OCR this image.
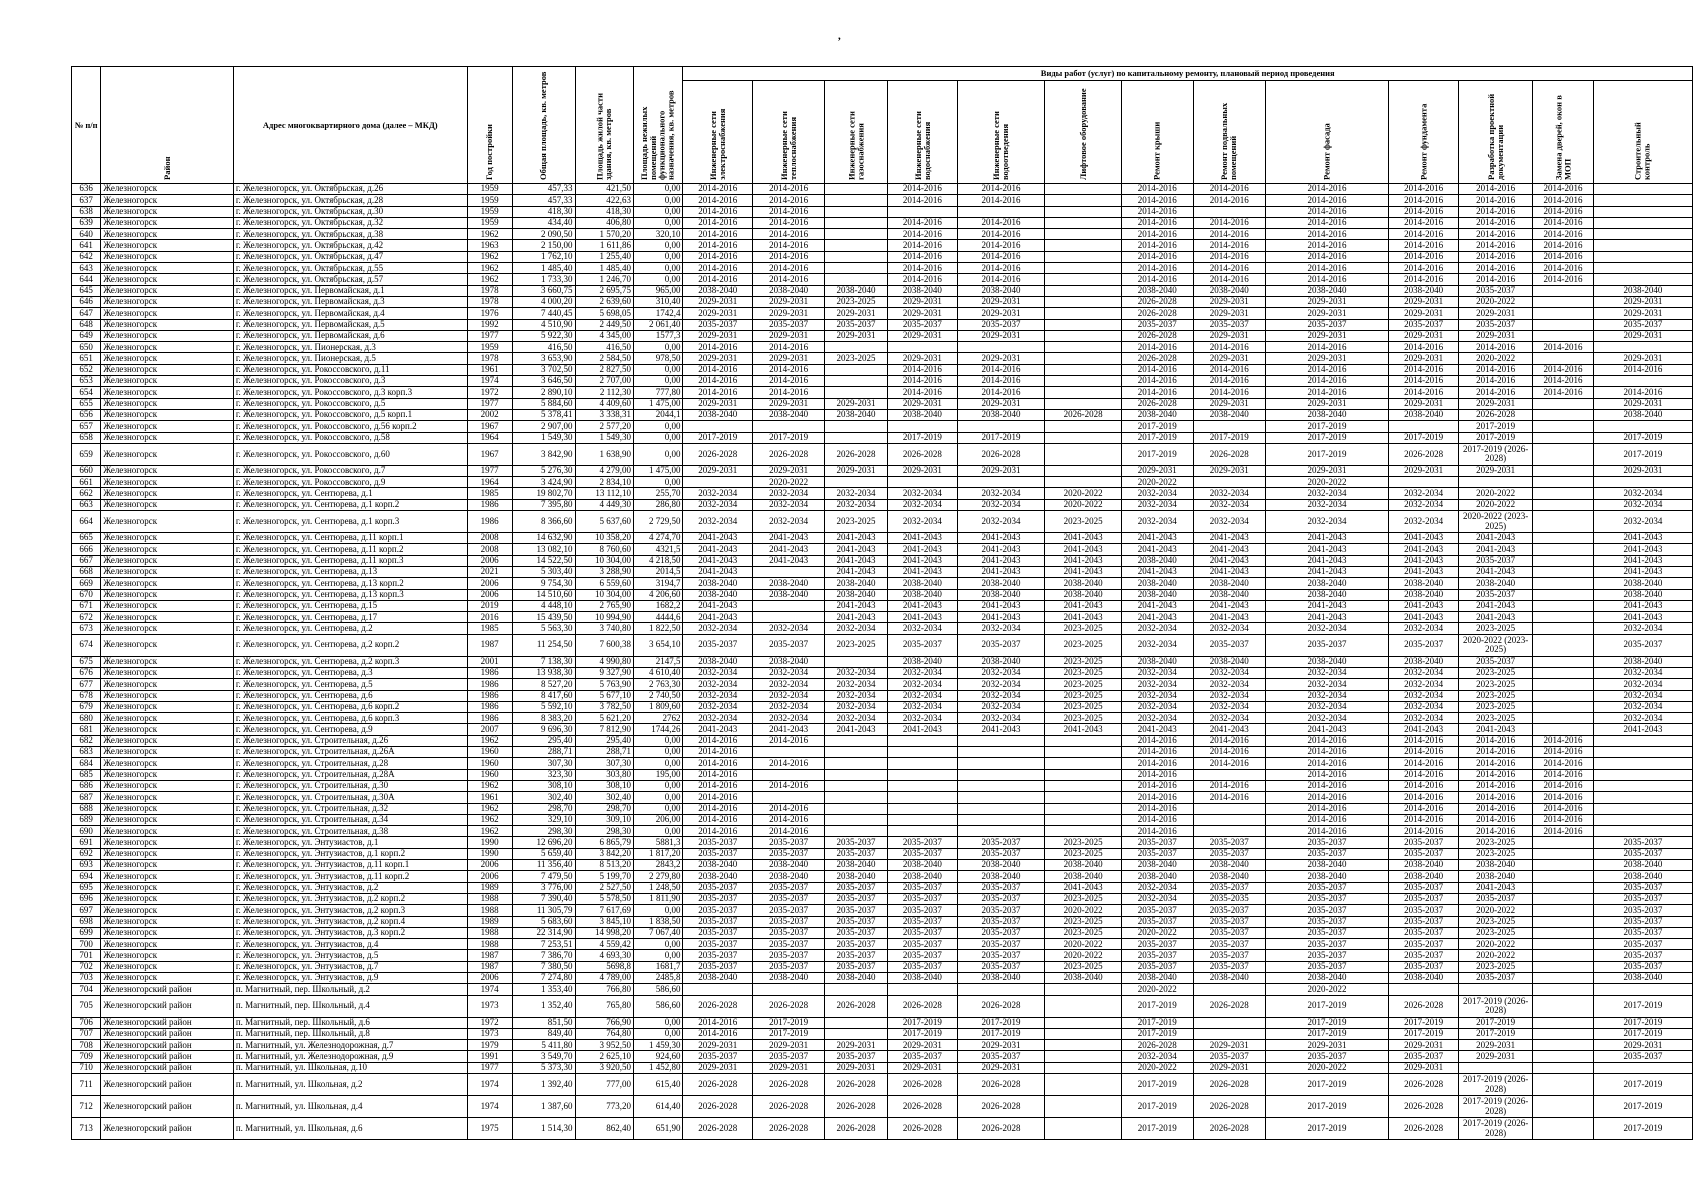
,
№ п/п	Район	Адрес многоквартирного дома (далее – МКД)	Год постройки	Общая площадь, кв. метров	Площадь жилой части здания, кв. метров	Площадь нежилых помещений функционального назначения, кв. метров	Виды работ (услуг) по капитальному ремонту, плановый период проведения												
							Инженерные сети электроснабжения	Инженерные сети теплоснабжения	Инженерные сети газоснабжения	Инженерные сети водоснабжения	Инженерные сети водоотведения	Лифтовое оборудование	Ремонт крыши	Ремонт подвальных помещений	Ремонт фасада	Ремонт фундамента	Разработка проектной документации	Замена дверей, окон в МОП	Строительный контроль
636	Железногорск	г. Железногорск, ул. Октябрьская, д.26	1959	457,33	421,50	0,00	2014-2016	2014-2016		2014-2016	2014-2016		2014-2016	2014-2016	2014-2016	2014-2016	2014-2016	2014-2016	
637	Железногорск	г. Железногорск, ул. Октябрьская, д.28	1959	457,33	422,63	0,00	2014-2016	2014-2016		2014-2016	2014-2016		2014-2016	2014-2016	2014-2016	2014-2016	2014-2016	2014-2016	
638	Железногорск	г. Железногорск, ул. Октябрьская, д.30	1959	418,30	418,30	0,00	2014-2016	2014-2016					2014-2016		2014-2016	2014-2016	2014-2016	2014-2016	
639	Железногорск	г. Железногорск, ул. Октябрьская, д.32	1959	434,40	406,80	0,00	2014-2016	2014-2016		2014-2016	2014-2016		2014-2016	2014-2016	2014-2016	2014-2016	2014-2016	2014-2016	
640	Железногорск	г. Железногорск, ул. Октябрьская, д.38	1962	2 090,50	1 570,20	320,10	2014-2016	2014-2016		2014-2016	2014-2016		2014-2016	2014-2016	2014-2016	2014-2016	2014-2016	2014-2016	
641	Железногорск	г. Железногорск, ул. Октябрьская, д.42	1963	2 150,00	1 611,86	0,00	2014-2016	2014-2016		2014-2016	2014-2016		2014-2016	2014-2016	2014-2016	2014-2016	2014-2016	2014-2016	
642	Железногорск	г. Железногорск, ул. Октябрьская, д.47	1962	1 762,10	1 255,40	0,00	2014-2016	2014-2016		2014-2016	2014-2016		2014-2016	2014-2016	2014-2016	2014-2016	2014-2016	2014-2016	
643	Железногорск	г. Железногорск, ул. Октябрьская, д.55	1962	1 485,40	1 485,40	0,00	2014-2016	2014-2016		2014-2016	2014-2016		2014-2016	2014-2016	2014-2016	2014-2016	2014-2016	2014-2016	
644	Железногорск	г. Железногорск, ул. Октябрьская, д.57	1962	1 733,30	1 246,70	0,00	2014-2016	2014-2016		2014-2016	2014-2016		2014-2016	2014-2016	2014-2016	2014-2016	2014-2016	2014-2016	
645	Железногорск	г. Железногорск, ул. Первомайская, д.1	1978	3 660,75	2 695,75	965,00	2038-2040	2038-2040	2038-2040	2038-2040	2038-2040		2038-2040	2038-2040	2038-2040	2038-2040	2035-2037		2038-2040
646	Железногорск	г. Железногорск, ул. Первомайская, д.3	1978	4 000,20	2 639,60	310,40	2029-2031	2029-2031	2023-2025	2029-2031	2029-2031		2026-2028	2029-2031	2029-2031	2029-2031	2020-2022		2029-2031
647	Железногорск	г. Железногорск, ул. Первомайская, д.4	1976	7 440,45	5 698,05	1742,4	2029-2031	2029-2031	2029-2031	2029-2031	2029-2031		2026-2028	2029-2031	2029-2031	2029-2031	2029-2031		2029-2031
648	Железногорск	г. Железногорск, ул. Первомайская, д.5	1992	4 510,90	2 449,50	2 061,40	2035-2037	2035-2037	2035-2037	2035-2037	2035-2037		2035-2037	2035-2037	2035-2037	2035-2037	2035-2037		2035-2037
649	Железногорск	г. Железногорск, ул. Первомайская, д.6	1977	5 922,30	4 345,00	1577,3	2029-2031	2029-2031	2029-2031	2029-2031	2029-2031		2026-2028	2029-2031	2029-2031	2029-2031	2029-2031		2029-2031
650	Железногорск	г. Железногорск, ул. Пионерская, д.3	1959	416,50	416,50	0,00	2014-2016	2014-2016					2014-2016	2014-2016	2014-2016	2014-2016	2014-2016	2014-2016	
651	Железногорск	г. Железногорск, ул. Пионерская, д.5	1978	3 653,90	2 584,50	978,50	2029-2031	2029-2031	2023-2025	2029-2031	2029-2031		2026-2028	2029-2031	2029-2031	2029-2031	2020-2022		2029-2031
652	Железногорск	г. Железногорск, ул. Рокоссовского, д.11	1961	3 702,50	2 827,50	0,00	2014-2016	2014-2016		2014-2016	2014-2016		2014-2016	2014-2016	2014-2016	2014-2016	2014-2016	2014-2016	2014-2016
653	Железногорск	г. Железногорск, ул. Рокоссовского, д.3	1974	3 646,50	2 707,00	0,00	2014-2016	2014-2016		2014-2016	2014-2016		2014-2016	2014-2016	2014-2016	2014-2016	2014-2016	2014-2016	
654	Железногорск	г. Железногорск, ул. Рокоссовского, д.3 корп.3	1972	2 890,10	2 112,30	777,80	2014-2016	2014-2016		2014-2016	2014-2016		2014-2016	2014-2016	2014-2016	2014-2016	2014-2016	2014-2016	2014-2016
655	Железногорск	г. Железногорск, ул. Рокоссовского, д.5	1977	5 884,60	4 409,60	1 475,00	2029-2031	2029-2031	2029-2031	2029-2031	2029-2031		2026-2028	2029-2031	2029-2031	2029-2031	2029-2031		2029-2031
656	Железногорск	г. Железногорск, ул. Рокоссовского, д.5 корп.1	2002	5 378,41	3 338,31	2044,1	2038-2040	2038-2040	2038-2040	2038-2040	2038-2040	2026-2028	2038-2040	2038-2040	2038-2040	2038-2040	2026-2028		2038-2040
657	Железногорск	г. Железногорск, ул. Рокоссовского, д.56 корп.2	1967	2 907,00	2 577,20	0,00							2017-2019		2017-2019		2017-2019		
658	Железногорск	г. Железногорск, ул. Рокоссовского, д.58	1964	1 549,30	1 549,30	0,00	2017-2019	2017-2019		2017-2019	2017-2019		2017-2019	2017-2019	2017-2019	2017-2019	2017-2019		2017-2019
659	Железногорск	г. Железногорск, ул. Рокоссовского, д.60	1967	3 842,90	1 638,90	0,00	2026-2028	2026-2028	2026-2028	2026-2028	2026-2028		2017-2019	2026-2028	2017-2019	2026-2028	2017-2019 (2026-2028)		2017-2019
660	Железногорск	г. Железногорск, ул. Рокоссовского, д.7	1977	5 276,30	4 279,00	1 475,00	2029-2031	2029-2031	2029-2031	2029-2031	2029-2031		2029-2031	2029-2031	2029-2031	2029-2031	2029-2031		2029-2031
661	Железногорск	г. Железногорск, ул. Рокоссовского, д.9	1964	3 424,90	2 834,10	0,00		2020-2022					2020-2022		2020-2022				
662	Железногорск	г. Железногорск, ул. Сентюрева, д.1	1985	19 802,70	13 112,10	255,70	2032-2034	2032-2034	2032-2034	2032-2034	2032-2034	2020-2022	2032-2034	2032-2034	2032-2034	2032-2034	2020-2022		2032-2034
663	Железногорск	г. Железногорск, ул. Сентюрева, д.1 корп.2	1986	7 395,80	4 449,30	286,80	2032-2034	2032-2034	2032-2034	2032-2034	2032-2034	2020-2022	2032-2034	2032-2034	2032-2034	2032-2034	2020-2022		2032-2034
664	Железногорск	г. Железногорск, ул. Сентюрева, д.1 корп.3	1986	8 366,60	5 637,60	2 729,50	2032-2034	2032-2034	2023-2025	2032-2034	2032-2034	2023-2025	2032-2034	2032-2034	2032-2034	2032-2034	2020-2022 (2023-2025)		2032-2034
665	Железногорск	г. Железногорск, ул. Сентюрева, д.11 корп.1	2008	14 632,90	10 358,20	4 274,70	2041-2043	2041-2043	2041-2043	2041-2043	2041-2043	2041-2043	2041-2043	2041-2043	2041-2043	2041-2043	2041-2043		2041-2043
666	Железногорск	г. Железногорск, ул. Сентюрева, д.11 корп.2	2008	13 082,10	8 760,60	4321,5	2041-2043	2041-2043	2041-2043	2041-2043	2041-2043	2041-2043	2041-2043	2041-2043	2041-2043	2041-2043	2041-2043		2041-2043
667	Железногорск	г. Железногорск, ул. Сентюрева, д.11 корп.3	2006	14 522,50	10 304,00	4 218,50	2041-2043	2041-2043	2041-2043	2041-2043	2041-2043	2041-2043	2038-2040	2041-2043	2041-2043	2041-2043	2035-2037		2041-2043
668	Железногорск	г. Железногорск, ул. Сентюрева, д.13	2021	5 303,40	3 288,90	2014,5	2041-2043		2041-2043	2041-2043	2041-2043	2041-2043	2041-2043	2041-2043	2041-2043	2041-2043	2041-2043		2041-2043
669	Железногорск	г. Железногорск, ул. Сентюрева, д.13 корп.2	2006	9 754,30	6 559,60	3194,7	2038-2040	2038-2040	2038-2040	2038-2040	2038-2040	2038-2040	2038-2040	2038-2040	2038-2040	2038-2040	2038-2040		2038-2040
670	Железногорск	г. Железногорск, ул. Сентюрева, д.13 корп.3	2006	14 510,60	10 304,00	4 206,60	2038-2040	2038-2040	2038-2040	2038-2040	2038-2040	2038-2040	2038-2040	2038-2040	2038-2040	2038-2040	2035-2037		2038-2040
671	Железногорск	г. Железногорск, ул. Сентюрева, д.15	2019	4 448,10	2 765,90	1682,2	2041-2043		2041-2043	2041-2043	2041-2043	2041-2043	2041-2043	2041-2043	2041-2043	2041-2043	2041-2043		2041-2043
672	Железногорск	г. Железногорск, ул. Сентюрева, д.17	2016	15 439,50	10 994,90	4444,6	2041-2043		2041-2043	2041-2043	2041-2043	2041-2043	2041-2043	2041-2043	2041-2043	2041-2043	2041-2043		2041-2043
673	Железногорск	г. Железногорск, ул. Сентюрева, д.2	1985	5 563,30	3 740,80	1 822,50	2032-2034	2032-2034	2032-2034	2032-2034	2032-2034	2023-2025	2032-2034	2032-2034	2032-2034	2032-2034	2023-2025		2032-2034
674	Железногорск	г. Железногорск, ул. Сентюрева, д.2 корп.2	1987	11 254,50	7 600,38	3 654,10	2035-2037	2035-2037	2023-2025	2035-2037	2035-2037	2023-2025	2032-2034	2035-2037	2035-2037	2035-2037	2020-2022 (2023-2025)		2035-2037
675	Железногорск	г. Железногорск, ул. Сентюрева, д.2 корп.3	2001	7 138,30	4 990,80	2147,5	2038-2040	2038-2040		2038-2040	2038-2040	2023-2025	2038-2040	2038-2040	2038-2040	2038-2040	2035-2037		2038-2040
676	Железногорск	г. Железногорск, ул. Сентюрева, д.3	1986	13 938,30	9 327,90	4 610,40	2032-2034	2032-2034	2032-2034	2032-2034	2032-2034	2023-2025	2032-2034	2032-2034	2032-2034	2032-2034	2023-2025		2032-2034
677	Железногорск	г. Железногорск, ул. Сентюрева, д.5	1986	8 527,20	5 763,90	2 763,30	2032-2034	2032-2034	2032-2034	2032-2034	2032-2034	2023-2025	2032-2034	2032-2034	2032-2034	2032-2034	2023-2025		2032-2034
678	Железногорск	г. Железногорск, ул. Сентюрева, д.6	1986	8 417,60	5 677,10	2 740,50	2032-2034	2032-2034	2032-2034	2032-2034	2032-2034	2023-2025	2032-2034	2032-2034	2032-2034	2032-2034	2023-2025		2032-2034
679	Железногорск	г. Железногорск, ул. Сентюрева, д.6 корп.2	1986	5 592,10	3 782,50	1 809,60	2032-2034	2032-2034	2032-2034	2032-2034	2032-2034	2023-2025	2032-2034	2032-2034	2032-2034	2032-2034	2023-2025		2032-2034
680	Железногорск	г. Железногорск, ул. Сентюрева, д.6 корп.3	1986	8 383,20	5 621,20	2762	2032-2034	2032-2034	2032-2034	2032-2034	2032-2034	2023-2025	2032-2034	2032-2034	2032-2034	2032-2034	2023-2025		2032-2034
681	Железногорск	г. Железногорск, ул. Сентюрева, д.9	2007	9 696,30	7 812,90	1744,26	2041-2043	2041-2043	2041-2043	2041-2043	2041-2043	2041-2043	2041-2043	2041-2043	2041-2043	2041-2043	2041-2043		2041-2043
682	Железногорск	г. Железногорск, ул. Строительная, д.26	1962	295,40	295,40	0,00	2014-2016	2014-2016					2014-2016	2014-2016	2014-2016	2014-2016	2014-2016	2014-2016	
683	Железногорск	г. Железногорск, ул. Строительная, д.26А	1960	288,71	288,71	0,00	2014-2016						2014-2016	2014-2016	2014-2016	2014-2016	2014-2016	2014-2016	
684	Железногорск	г. Железногорск, ул. Строительная, д.28	1960	307,30	307,30	0,00	2014-2016	2014-2016					2014-2016	2014-2016	2014-2016	2014-2016	2014-2016	2014-2016	
685	Железногорск	г. Железногорск, ул. Строительная, д.28А	1960	323,30	303,80	195,00	2014-2016						2014-2016		2014-2016	2014-2016	2014-2016	2014-2016	
686	Железногорск	г. Железногорск, ул. Строительная, д.30	1962	308,10	308,10	0,00	2014-2016	2014-2016					2014-2016	2014-2016	2014-2016	2014-2016	2014-2016	2014-2016	
687	Железногорск	г. Железногорск, ул. Строительная, д.30А	1961	302,40	302,40	0,00	2014-2016						2014-2016	2014-2016	2014-2016	2014-2016	2014-2016	2014-2016	
688	Железногорск	г. Железногорск, ул. Строительная, д.32	1962	298,70	298,70	0,00	2014-2016	2014-2016					2014-2016		2014-2016	2014-2016	2014-2016	2014-2016	
689	Железногорск	г. Железногорск, ул. Строительная, д.34	1962	329,10	309,10	206,00	2014-2016	2014-2016					2014-2016		2014-2016	2014-2016	2014-2016	2014-2016	
690	Железногорск	г. Железногорск, ул. Строительная, д.38	1962	298,30	298,30	0,00	2014-2016	2014-2016					2014-2016		2014-2016	2014-2016	2014-2016	2014-2016	
691	Железногорск	г. Железногорск, ул. Энтузиастов, д.1	1990	12 696,20	6 865,79	5881,3	2035-2037	2035-2037	2035-2037	2035-2037	2035-2037	2023-2025	2035-2037	2035-2037	2035-2037	2035-2037	2023-2025		2035-2037
692	Железногорск	г. Железногорск, ул. Энтузиастов, д.1 корп.2	1990	5 659,40	3 842,20	1 817,20	2035-2037	2035-2037	2035-2037	2035-2037	2035-2037	2023-2025	2035-2037	2035-2037	2035-2037	2035-2037	2023-2025		2035-2037
693	Железногорск	г. Железногорск, ул. Энтузиастов, д.11 корп.1	2006	11 356,40	8 513,20	2843,2	2038-2040	2038-2040	2038-2040	2038-2040	2038-2040	2038-2040	2038-2040	2038-2040	2038-2040	2038-2040	2038-2040		2038-2040
694	Железногорск	г. Железногорск, ул. Энтузиастов, д.11 корп.2	2006	7 479,50	5 199,70	2 279,80	2038-2040	2038-2040	2038-2040	2038-2040	2038-2040	2038-2040	2038-2040	2038-2040	2038-2040	2038-2040	2038-2040		2038-2040
695	Железногорск	г. Железногорск, ул. Энтузиастов, д.2	1989	3 776,00	2 527,50	1 248,50	2035-2037	2035-2037	2035-2037	2035-2037	2035-2037	2041-2043	2032-2034	2035-2037	2035-2037	2035-2037	2041-2043		2035-2037
696	Железногорск	г. Железногорск, ул. Энтузиастов, д.2 корп.2	1988	7 390,40	5 578,50	1 811,90	2035-2037	2035-2037	2035-2037	2035-2037	2035-2037	2023-2025	2032-2034	2035-2035	2035-2037	2035-2037	2035-2037		2035-2037
697	Железногорск	г. Железногорск, ул. Энтузиастов, д.2 корп.3	1988	11 305,79	7 617,69	0,00	2035-2037	2035-2037	2035-2037	2035-2037	2035-2037	2020-2022	2035-2037	2035-2037	2035-2037	2035-2037	2020-2022		2035-2037
698	Железногорск	г. Железногорск, ул. Энтузиастов, д.2 корп.4	1989	5 683,60	3 845,10	1 838,50	2035-2037	2035-2037	2035-2037	2035-2037	2035-2037	2023-2025	2035-2037	2035-2037	2035-2037	2035-2037	2023-2025		2035-2037
699	Железногорск	г. Железногорск, ул. Энтузиастов, д.3 корп.2	1988	22 314,90	14 998,20	7 067,40	2035-2037	2035-2037	2035-2037	2035-2037	2035-2037	2023-2025	2020-2022	2035-2037	2035-2037	2035-2037	2023-2025		2035-2037
700	Железногорск	г. Железногорск, ул. Энтузиастов, д.4	1988	7 253,51	4 559,42	0,00	2035-2037	2035-2037	2035-2037	2035-2037	2035-2037	2020-2022	2035-2037	2035-2037	2035-2037	2035-2037	2020-2022		2035-2037
701	Железногорск	г. Железногорск, ул. Энтузиастов, д.5	1987	7 386,70	4 693,30	0,00	2035-2037	2035-2037	2035-2037	2035-2037	2035-2037	2020-2022	2035-2037	2035-2037	2035-2037	2035-2037	2020-2022		2035-2037
702	Железногорск	г. Железногорск, ул. Энтузиастов, д.7	1987	7 380,50	5698,8	1681,7	2035-2037	2035-2037	2035-2037	2035-2037	2035-2037	2023-2025	2035-2037	2035-2037	2035-2037	2035-2037	2023-2025		2035-2037
703	Железногорск	г. Железногорск, ул. Энтузиастов, д.9	2006	7 274,80	4 789,00	2485,8	2038-2040	2038-2040	2038-2040	2038-2040	2038-2040	2038-2040	2038-2040	2038-2040	2038-2040	2038-2040	2035-2037		2038-2040
704	Железногорский район	п. Магнитный, пер. Школьный, д.2	1974	1 353,40	766,80	586,60							2020-2022		2020-2022				
705	Железногорский район	п. Магнитный, пер. Школьный, д.4	1973	1 352,40	765,80	586,60	2026-2028	2026-2028	2026-2028	2026-2028	2026-2028		2017-2019	2026-2028	2017-2019	2026-2028	2017-2019 (2026-2028)		2017-2019
706	Железногорский район	п. Магнитный, пер. Школьный, д.6	1972	851,50	766,90	0,00	2014-2016	2017-2019		2017-2019	2017-2019		2017-2019		2017-2019	2017-2019	2017-2019		2017-2019
707	Железногорский район	п. Магнитный, пер. Школьный, д.8	1973	849,40	764,80	0,00	2014-2016	2017-2019		2017-2019	2017-2019		2017-2019		2017-2019	2017-2019	2017-2019		2017-2019
708	Железногорский район	п. Магнитный, ул. Железнодорожная, д.7	1979	5 411,80	3 952,50	1 459,30	2029-2031	2029-2031	2029-2031	2029-2031	2029-2031		2026-2028	2029-2031	2029-2031	2029-2031	2029-2031		2029-2031
709	Железногорский район	п. Магнитный, ул. Железнодорожная, д.9	1991	3 549,70	2 625,10	924,60	2035-2037	2035-2037	2035-2037	2035-2037	2035-2037		2032-2034	2035-2037	2035-2037	2035-2037	2029-2031		2035-2037
710	Железногорский район	п. Магнитный, ул. Школьная, д.10	1977	5 373,30	3 920,50	1 452,80	2029-2031	2029-2031	2029-2031	2029-2031	2029-2031		2020-2022	2029-2031	2020-2022	2029-2031			
711	Железногорский район	п. Магнитный, ул. Школьная, д.2	1974	1 392,40	777,00	615,40	2026-2028	2026-2028	2026-2028	2026-2028	2026-2028		2017-2019	2026-2028	2017-2019	2026-2028	2017-2019 (2026-2028)		2017-2019
712	Железногорский район	п. Магнитный, ул. Школьная, д.4	1974	1 387,60	773,20	614,40	2026-2028	2026-2028	2026-2028	2026-2028	2026-2028		2017-2019	2026-2028	2017-2019	2026-2028	2017-2019 (2026-2028)		2017-2019
713	Железногорский район	п. Магнитный, ул. Школьная, д.6	1975	1 514,30	862,40	651,90	2026-2028	2026-2028	2026-2028	2026-2028	2026-2028		2017-2019	2026-2028	2017-2019	2026-2028	2017-2019 (2026-2028)		2017-2019
